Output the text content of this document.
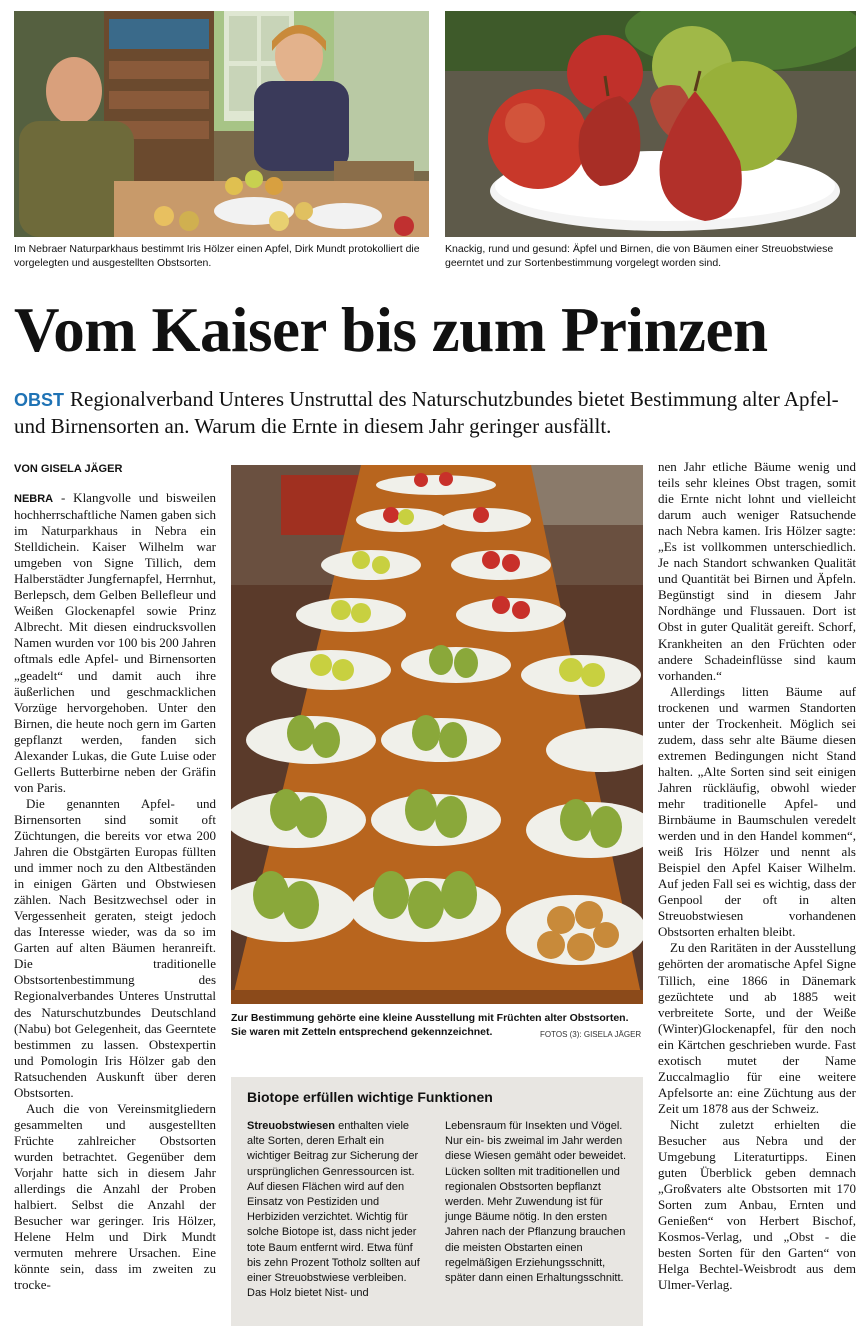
Im Nebraer Naturparkhaus bestimmt Iris Hölzer einen Apfel, Dirk Mundt protokolliert die vorgelegten und ausgestellten Obstsorten.
Knackig, rund und gesund: Äpfel und Birnen, die von Bäumen einer Streuobstwiese geerntet und zur Sortenbestimmung vorgelegt worden sind.
Vom Kaiser bis zum Prinzen
OBST Regionalverband Unteres Unstruttal des Naturschutzbundes bietet Bestimmung alter Apfel- und Birnensorten an. Warum die Ernte in diesem Jahr geringer ausfällt.
VON GISELA JÄGER

NEBRA - Klangvolle und bisweilen hochherrschaftliche Namen gaben sich im Naturparkhaus in Nebra ein Stelldichein. Kaiser Wilhelm war umgeben von Signe Tillich, dem Halberstädter Jungfernapfel, Herrnhut, Berlepsch, dem Gelben Bellefleur und Weißen Glockenapfel sowie Prinz Albrecht. Mit diesen eindrucksvollen Namen wurden vor 100 bis 200 Jahren oftmals edle Apfel- und Birnensorten „geadelt“ und damit auch ihre äußerlichen und geschmacklichen Vorzüge hervorgehoben. Unter den Birnen, die heute noch gern im Garten gepflanzt werden, fanden sich Alexander Lukas, die Gute Luise oder Gellerts Butterbirne neben der Gräfin von Paris.

Die genannten Apfel- und Birnensorten sind somit oft Züchtungen, die bereits vor etwa 200 Jahren die Obstgärten Europas füllten und immer noch zu den Altbeständen in einigen Gärten und Obstwiesen zählen. Nach Besitzwechsel oder in Vergessenheit geraten, steigt jedoch das Interesse wieder, was da so im Garten auf alten Bäumen heranreift. Die traditionelle Obstsortenbestimmung des Regionalverbandes Unteres Unstruttal des Naturschutzbundes Deutschland (Nabu) bot Gelegenheit, das Geerntete bestimmen zu lassen. Obstexpertin und Pomologin Iris Hölzer gab den Ratsuchenden Auskunft über deren Obstsorten.

Auch die von Vereinsmitgliedern gesammelten und ausgestellten Früchte zahlreicher Obstsorten wurden betrachtet. Gegenüber dem Vorjahr hatte sich in diesem Jahr allerdings die Anzahl der Proben halbiert. Selbst die Anzahl der Besucher war geringer. Iris Hölzer, Helene Helm und Dirk Mundt vermuten mehrere Ursachen. Eine könnte sein, dass im zweiten zu trocke-

Zur Bestimmung gehörte eine kleine Ausstellung mit Früchten alter Obstsorten. Sie waren mit Zetteln entsprechend gekennzeichnet.	FOTOS (3): GISELA JÄGER

nen Jahr etliche Bäume wenig und teils sehr kleines Obst tragen, somit die Ernte nicht lohnt und vielleicht darum auch weniger Ratsuchende nach Nebra kamen. Iris Hölzer sagte: „Es ist vollkommen unterschiedlich. Je nach Standort schwanken Qualität und Quantität bei Birnen und Äpfeln. Begünstigt sind in diesem Jahr Nordhänge und Flussauen. Dort ist Obst in guter Qualität gereift. Schorf, Krankheiten an den Früchten oder andere Schadeinflüsse sind kaum vorhanden.“

Allerdings litten Bäume auf trockenen und warmen Standorten unter der Trockenheit. Möglich sei zudem, dass sehr alte Bäume diesen extremen Bedingungen nicht Stand halten. „Alte Sorten sind seit einigen Jahren rückläufig, obwohl wieder mehr traditionelle Apfel- und Birnbäume in Baumschulen veredelt werden und in den Handel kommen“, weiß Iris Hölzer und nennt als Beispiel den Apfel Kaiser Wilhelm. Auf jeden Fall sei es wichtig, dass der Genpool der oft in alten Streuobstwiesen vorhandenen Obstsorten erhalten bleibt.

Zu den Raritäten in der Ausstellung gehörten der aromatische Apfel Signe Tillich, eine 1866 in Dänemark gezüchtete und ab 1885 weit verbreitete Sorte, und der Weiße (Winter)Glockenapfel, für den noch ein Kärtchen geschrieben wurde. Fast exotisch mutet der Name Zuccalmaglio für eine weitere Apfelsorte an: eine Züchtung aus der Zeit um 1878 aus der Schweiz.

Nicht zuletzt erhielten die Besucher aus Nebra und der Umgebung Literaturtipps. Einen guten Überblick geben demnach „Großvaters alte Obstsorten mit 170 Sorten zum Anbau, Ernten und Genießen“ von Herbert Bischof, Kosmos-Verlag, und „Obst - die besten Sorten für den Garten“ von Helga Bechtel-Weisbrodt aus dem Ulmer-Verlag.

Biotope erfüllen wichtige Funktionen

Streuobstwiesen enthalten viele alte Sorten, deren Erhalt ein wichtiger Beitrag zur Sicherung der ursprünglichen Genressourcen ist. Auf diesen Flächen wird auf den Einsatz von Pestiziden und Herbiziden verzichtet. Wichtig für solche Biotope ist, dass nicht jeder tote Baum entfernt wird. Etwa fünf bis zehn Prozent Totholz sollten auf einer Streuobstwiese verbleiben. Das Holz bietet Nist- und

Lebensraum für Insekten und Vögel. Nur ein- bis zweimal im Jahr werden diese Wiesen gemäht oder beweidet. Lücken sollten mit traditionellen und regionalen Obstsorten bepflanzt werden. Mehr Zuwendung ist für junge Bäume nötig. In den ersten Jahren nach der Pflanzung brauchen die meisten Obstarten einen regelmäßigen Erziehungsschnitt, später dann einen Erhaltungsschnitt.
